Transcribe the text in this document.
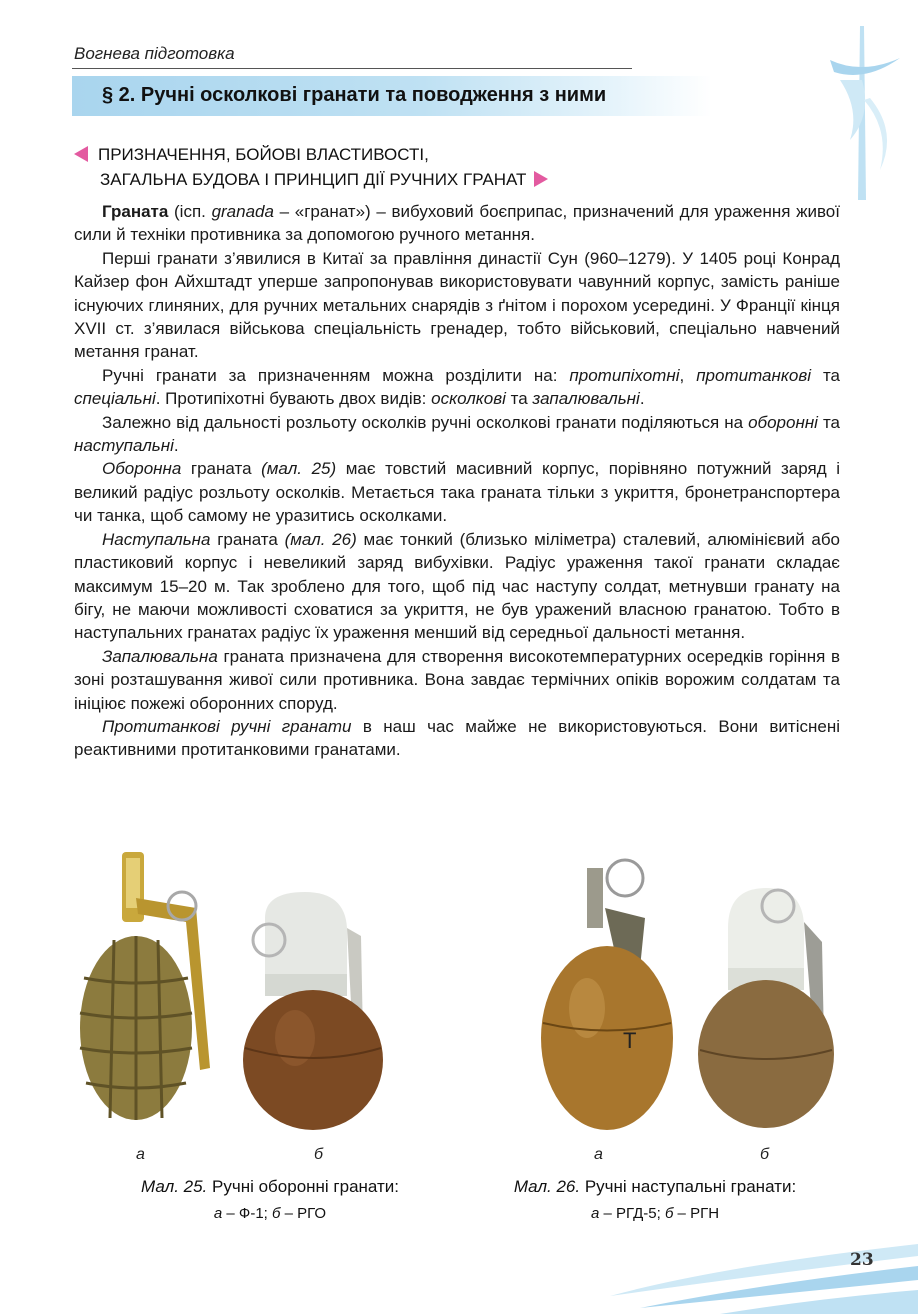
Вогнева підготовка
§ 2. Ручні осколкові гранати та поводження з ними
ПРИЗНАЧЕННЯ, БОЙОВІ ВЛАСТИВОСТІ,
ЗАГАЛЬНА БУДОВА І ПРИНЦИП ДІЇ РУЧНИХ ГРАНАТ

Граната (ісп. granada – «гранат») – вибуховий боєприпас, призначений для ураження живої сили й техніки противника за допомогою ручного метання.

Перші гранати з’явилися в Китаї за правління династії Сун (960–1279). У 1405 році Конрад Кайзер фон Айхштадт уперше запропонував використовувати чавунний корпус, замість раніше існуючих глиняних, для ручних метальних снарядів з ґнітом і порохом усередині. У Франції кінця XVII ст. з’явилася військова спеціальність гренадер, тобто військовий, спеціально навчений метання гранат.

Ручні гранати за призначенням можна розділити на: протипіхотні, протитанкові та спеціальні. Протипіхотні бувають двох видів: осколкові та запалювальні.

Залежно від дальності розльоту осколків ручні осколкові гранати поділяються на оборонні та наступальні.

Оборонна граната (мал. 25) має товстий масивний корпус, порівняно потужний заряд і великий радіус розльоту осколків. Метається така граната тільки з укриття, бронетранспортера чи танка, щоб самому не уразитись осколками.

Наступальна граната (мал. 26) має тонкий (близько міліметра) сталевий, алюмінієвий або пластиковий корпус і невеликий заряд вибухівки. Радіус ураження такої гранати складає максимум 15–20 м. Так зроблено для того, щоб під час наступу солдат, метнувши гранату на бігу, не маючи можливості сховатися за укриття, не був уражений власною гранатою. Тобто в наступальних гранатах радіус їх ураження менший від середньої дальності метання.

Запалювальна граната призначена для створення високотемпературних осередків горіння в зоні розташування живої сили противника. Вона завдає термічних опіків ворожим солдатам та ініціює пожежі оборонних споруд.

Протитанкові ручні гранати в наш час майже не використовуються. Вони витіснені реактивними протитанковими гранатами.

Т
а	б	а	б
Мал. 25. Ручні оборонні гранати:
а – Ф-1; б – РГО
Мал. 26. Ручні наступальні гранати:
а – РГД-5; б – РГН
23
